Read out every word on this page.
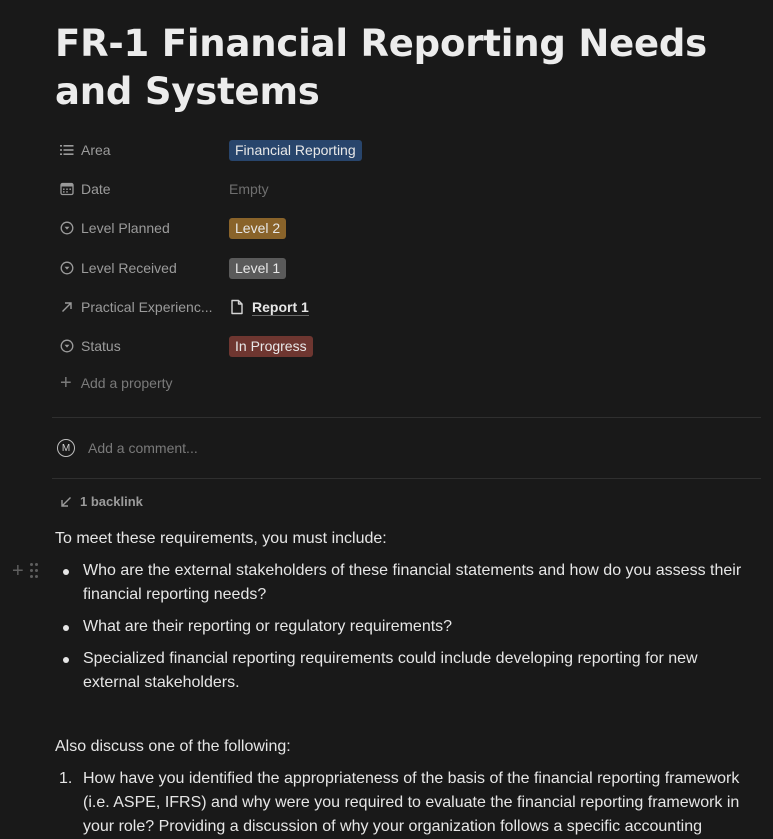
+
FR-1 Financial Reporting Needs and Systems
Area	Financial Reporting
Date	Empty
Level Planned	Level 2
Level Received	Level 1
Practical Experienc...	Report 1
Status	In Progress
+ Add a property
M	Add a comment...
1 backlink
To meet these requirements, you must include:
Who are the external stakeholders of these financial statements and how do you assess their financial reporting needs?
What are their reporting or regulatory requirements?
Specialized financial reporting requirements could include developing reporting for new external stakeholders.
Also discuss one of the following:
1. How have you identified the appropriateness of the basis of the financial reporting framework (i.e. ASPE, IFRS) and why were you required to evaluate the financial reporting framework in your role? Providing a discussion of why your organization follows a specific accounting
